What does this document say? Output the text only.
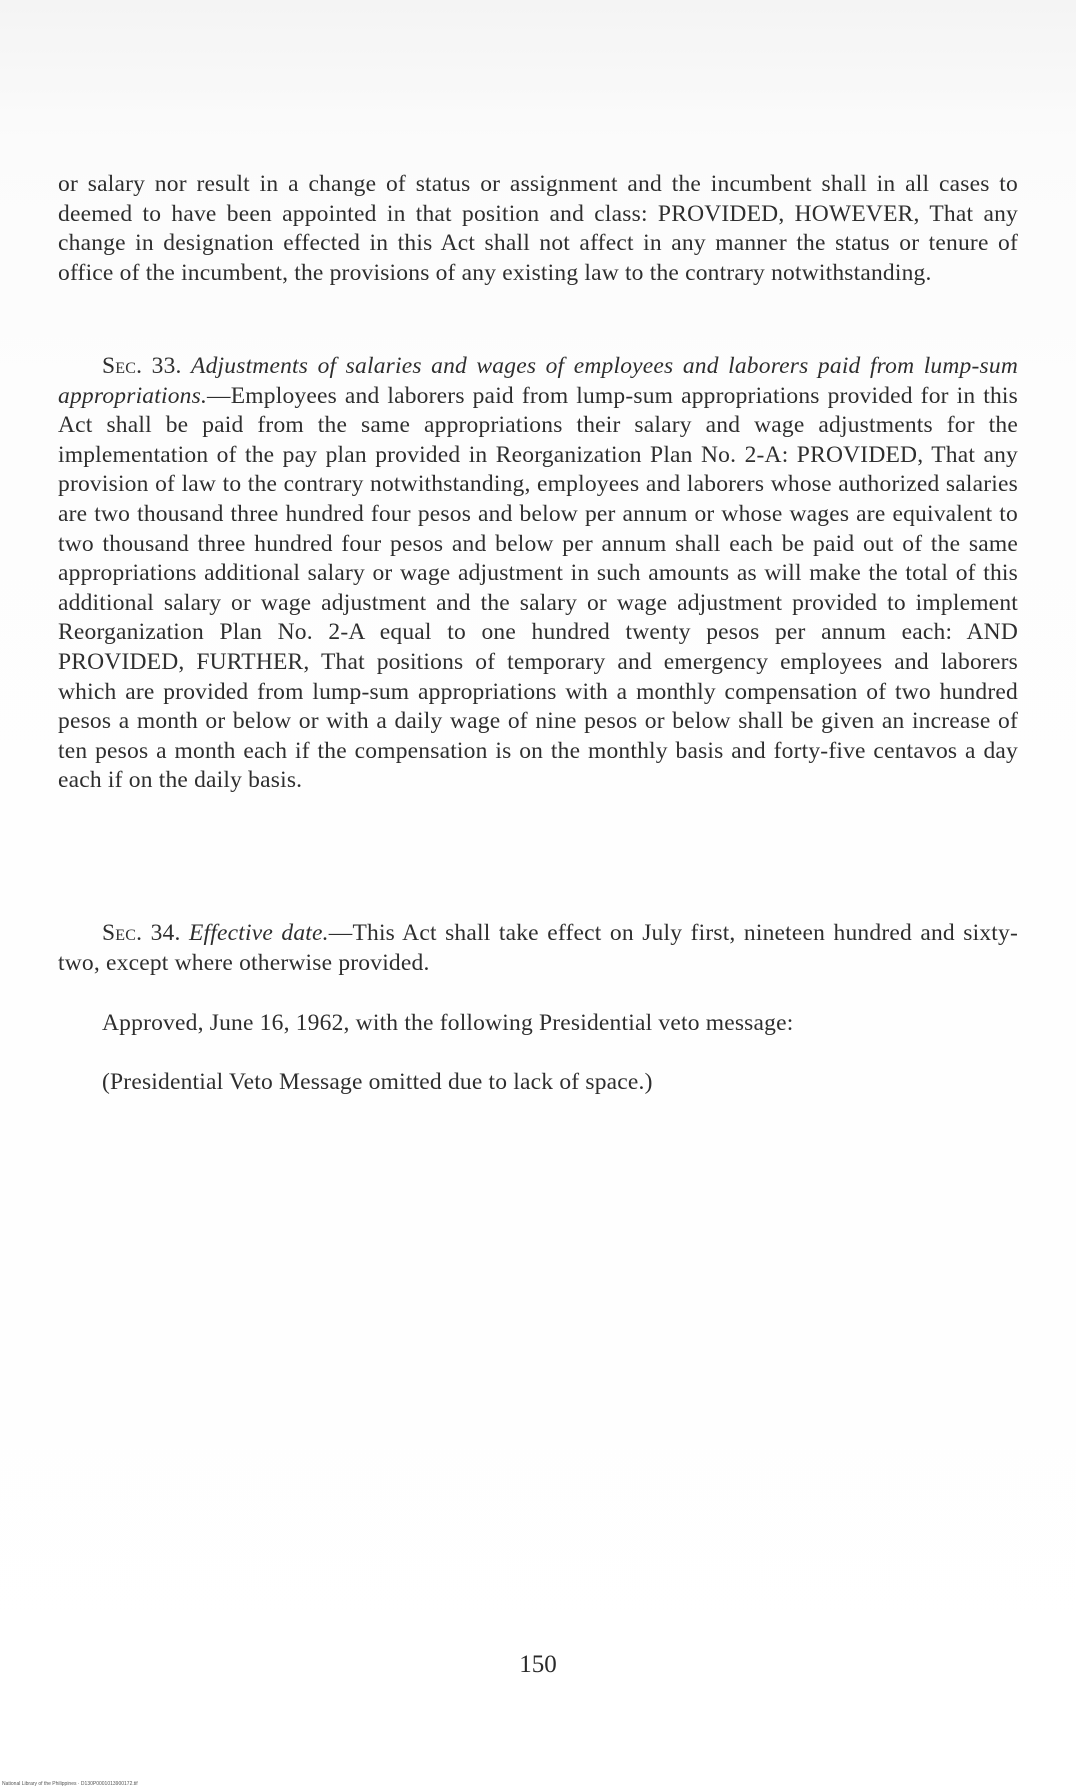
or salary nor result in a change of status or assignment and the incumbent shall in all cases to deemed to have been appointed in that position and class: PROVIDED, HOWEVER, That any change in designation effected in this Act shall not affect in any manner the status or tenure of office of the incumbent, the provisions of any existing law to the contrary notwithstanding.

Sec. 33. Adjustments of salaries and wages of employees and laborers paid from lump-sum appropriations.—Employees and laborers paid from lump-sum appropriations provided for in this Act shall be paid from the same appropriations their salary and wage adjustments for the implementation of the pay plan provided in Reorganization Plan No. 2-A: PROVIDED, That any provision of law to the contrary notwithstanding, employees and laborers whose authorized salaries are two thousand three hundred four pesos and below per annum or whose wages are equivalent to two thousand three hundred four pesos and below per annum shall each be paid out of the same appropriations additional salary or wage adjustment in such amounts as will make the total of this additional salary or wage adjustment and the salary or wage adjustment provided to implement Reorganization Plan No. 2-A equal to one hundred twenty pesos per annum each: AND PROVIDED, FURTHER, That positions of temporary and emergency employees and laborers which are provided from lump-sum appropriations with a monthly compensation of two hundred pesos a month or below or with a daily wage of nine pesos or below shall be given an increase of ten pesos a month each if the compensation is on the monthly basis and forty-five centavos a day each if on the daily basis.

Sec. 34. Effective date.—This Act shall take effect on July first, nineteen hundred and sixty-two, except where otherwise provided.

Approved, June 16, 1962, with the following Presidential veto message:

(Presidential Veto Message omitted due to lack of space.)

150

National Library of the Philippines · D130P0001013900172.tif
